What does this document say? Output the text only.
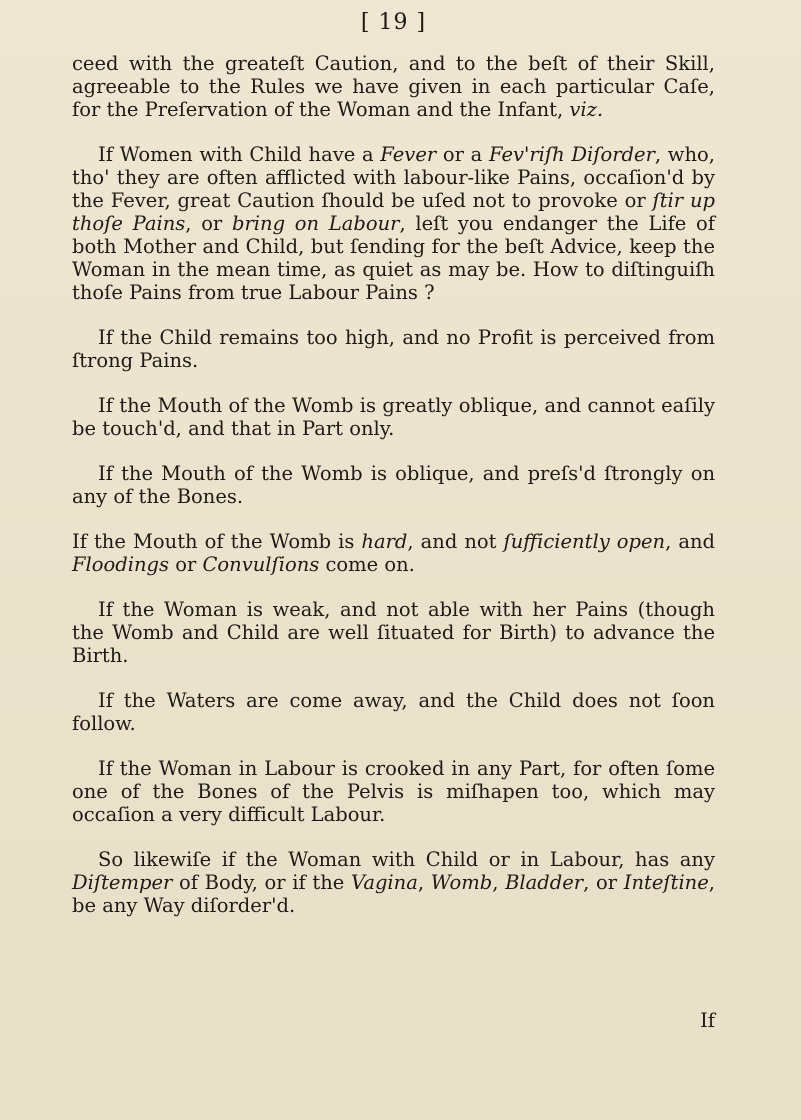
[ 19 ]

ceed with the greateſt Caution, and to the beſt of their Skill, agreeable to the Rules we have given in each particular Caſe, for the Preſervation of the Woman and the Infant, viz.

If Women with Child have a Fever or a Fev'riſh Diſorder, who, tho' they are often afflicted with labour-like Pains, occaſion'd by the Fever, great Caution ſhould be uſed not to provoke or ſtir up thoſe Pains, or bring on Labour, leſt you endanger the Life of both Mother and Child, but ſending for the beſt Advice, keep the Woman in the mean time, as quiet as may be. How to diſtinguiſh thoſe Pains from true Labour Pains ?

If the Child remains too high, and no Profit is perceived from ſtrong Pains.

If the Mouth of the Womb is greatly oblique, and cannot eaſily be touch'd, and that in Part only.

If the Mouth of the Womb is oblique, and preſs'd ſtrongly on any of the Bones.

If the Mouth of the Womb is hard, and not ſufficiently open, and Floodings or Convulſions come on.

If the Woman is weak, and not able with her Pains (though the Womb and Child are well ſituated for Birth) to advance the Birth.

If the Waters are come away, and the Child does not ſoon follow.

If the Woman in Labour is crooked in any Part, for often ſome one of the Bones of the Pelvis is miſhapen too, which may occaſion a very difficult Labour.

So likewiſe if the Woman with Child or in Labour, has any Diſtemper of Body, or if the Vagina, Womb, Bladder, or Inteſtine, be any Way diſorder'd.

If
